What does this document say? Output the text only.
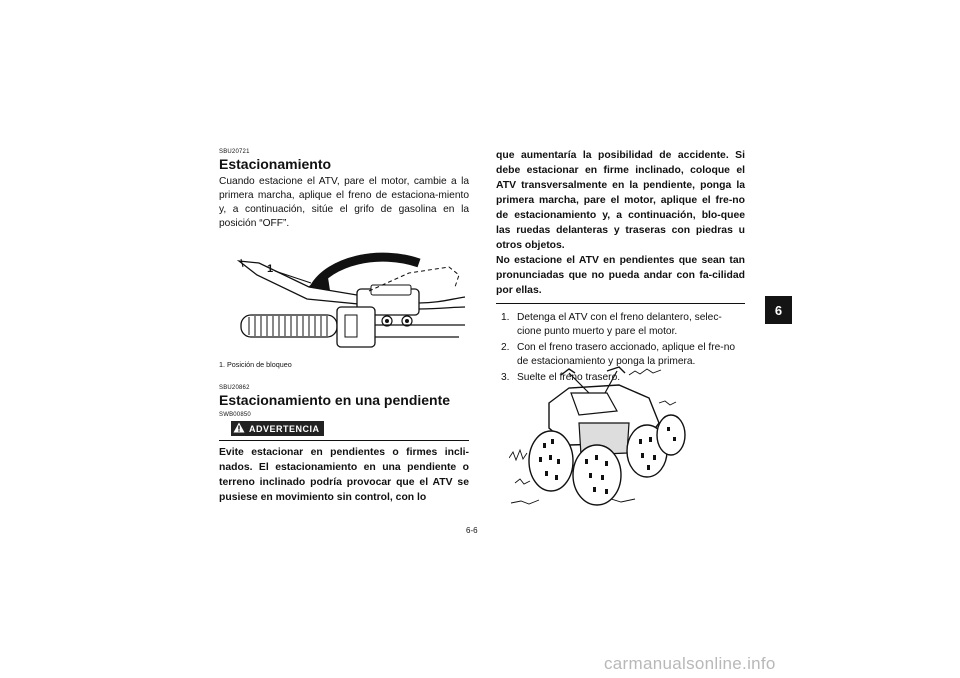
SBU20721

Estacionamiento

Cuando estacione el ATV, pare el motor, cambie a la primera marcha, aplique el freno de estaciona-miento y, a continuación, sitúe el grifo de gasolina en la posición “OFF”.

1

1. Posición de bloqueo

SBU20862

Estacionamiento en una pendiente

SWB00850

ADVERTENCIA

Evite estacionar en pendientes o firmes incli-nados. El estacionamiento en una pendiente o terreno inclinado podría provocar que el ATV se pusiese en movimiento sin control, con lo

que aumentaría la posibilidad de accidente. Si debe estacionar en firme inclinado, coloque el ATV transversalmente en la pendiente, ponga la primera marcha, pare el motor, aplique el fre-no de estacionamiento y, a continuación, blo-quee las ruedas delanteras y traseras con piedras u otros objetos.

No estacione el ATV en pendientes que sean tan pronunciadas que no pueda andar con fa-cilidad por ellas.

1. Detenga el ATV con el freno delantero, selec-cione punto muerto y pare el motor.
2. Con el freno trasero accionado, aplique el fre-no de estacionamiento y ponga la primera.
3. Suelte el freno trasero.
6-6
6
carmanualsonline.info
